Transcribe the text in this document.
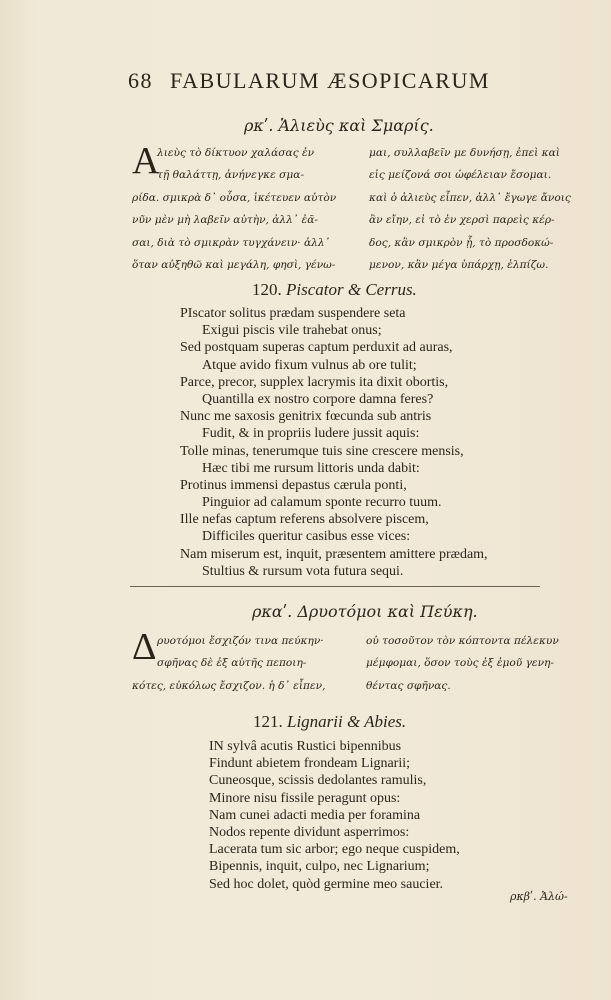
68 FABULARUM ÆSOPICARUM
ρκʹ. Ἁλιεὺς καὶ Σμαρίς.
Α
λιεὺς τὸ δίκτυον χαλάσας ἐν
τῇ θαλάττῃ, ἀνήνεγκε σμα-
ρίδα. σμικρὰ δ᾽ οὖσα, ἱκέτευεν αὐτὸν
νῦν μὲν μὴ λαβεῖν αὐτὴν, ἀλλ᾽ ἐᾶ-
σαι, διὰ τὸ σμικρὰν τυγχάνειν· ἀλλ᾽
ὅταν αὐξηθῶ καὶ μεγάλη, φησὶ, γένω-
μαι, συλλαβεῖν με δυνήσῃ, ἐπεὶ καὶ
εἰς μείζονά σοι ὠφέλειαν ἔσομαι.
καὶ ὁ ἁλιεὺς εἶπεν, ἀλλ᾽ ἔγωγε ἄνοις
ἂν εἴην, εἰ τὸ ἐν χερσὶ παρεὶς κέρ-
δος, κἂν σμικρὸν ᾖ, τὸ προσδοκώ-
μενον, κἂν μέγα ὑπάρχῃ, ἐλπίζω.
120. Piscator & Cerrus.
PIscator solitus prædam suspendere seta
Exigui piscis vile trahebat onus;
Sed postquam superas captum perduxit ad auras,
Atque avido fixum vulnus ab ore tulit;
Parce, precor, supplex lacrymis ita dixit obortis,
Quantilla ex nostro corpore damna feres?
Nunc me saxosis genitrix fœcunda sub antris
Fudit, & in propriis ludere jussit aquis:
Tolle minas, tenerumque tuis sine crescere mensis,
Hæc tibi me rursum littoris unda dabit:
Protinus immensi depastus cærula ponti,
Pinguior ad calamum sponte recurro tuum.
Ille nefas captum referens absolvere piscem,
Difficiles queritur casibus esse vices:
Nam miserum est, inquit, præsentem amittere prædam,
Stultius & rursum vota futura sequi.
ρκαʹ. Δρυοτόμοι καὶ Πεύκη.
Δ ρυοτόμοι ἔσχιζόν τινα πεύκην·
σφῆνας δὲ ἐξ αὐτῆς πεποιη-
κότες, εὐκόλως ἔσχιζον. ἡ δ᾽ εἶπεν,
οὐ τοσοῦτον τὸν κόπτοντα πέλεκυν
μέμφομαι, ὅσον τοὺς ἐξ ἐμοῦ γενη-
θέντας σφῆνας.
121. Lignarii & Abies.
IN sylvâ acutis Rustici bipennibus
Findunt abietem frondeam Lignarii;
Cuneosque, scissis dedolantes ramulis,
Minore nisu fissile peragunt opus:
Nam cunei adacti media per foramina
Nodos repente dividunt asperrimos:
Lacerata tum sic arbor; ego neque cuspidem,
Bipennis, inquit, culpo, nec Lignarium;
Sed hoc dolet, quòd germine meo saucier.
ρκβʹ. Ἀλώ-
